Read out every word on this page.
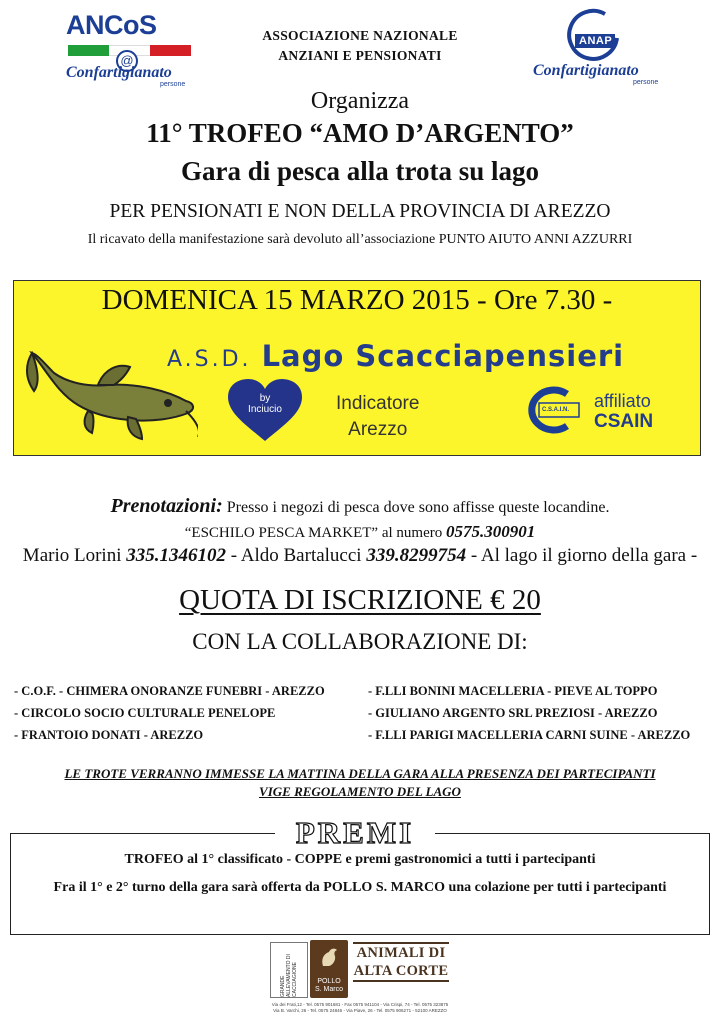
ANCoS
@
Confartigianato
persone
ASSOCIAZIONE NAZIONALE
ANZIANI E PENSIONATI
ANAP
Confartigianato
persone
Organizza
11° TROFEO “AMO D’ARGENTO”
Gara di pesca alla trota su lago
PER PENSIONATI E NON DELLA PROVINCIA DI AREZZO
Il ricavato della manifestazione sarà devoluto all’associazione PUNTO AIUTO ANNI AZZURRI
DOMENICA 15 MARZO 2015 - Ore 7.30 -
A.S.D. Lago Scacciapensieri
by
Inciucio	Indicatore
Arezzo
C.S.A.I.N. affiliato
CSAIN
Prenotazioni: Presso i negozi di pesca dove sono affisse queste locandine.
“ESCHILO PESCA MARKET” al numero 0575.300901
Mario Lorini 335.1346102 - Aldo Bartalucci 339.8299754 - Al lago il giorno della gara -
QUOTA DI ISCRIZIONE € 20
CON LA COLLABORAZIONE DI:
- C.O.F. - CHIMERA ONORANZE FUNEBRI - AREZZO
- CIRCOLO SOCIO CULTURALE PENELOPE
- FRANTOIO DONATI - AREZZO
- F.LLI BONINI MACELLERIA - PIEVE AL TOPPO
- GIULIANO ARGENTO SRL PREZIOSI - AREZZO
- F.LLI PARIGI MACELLERIA CARNI SUINE - AREZZO
LE TROTE VERRANNO IMMESSE LA MATTINA DELLA GARA ALLA PRESENZA DEI PARTECIPANTI
VIGE REGOLAMENTO DEL LAGO
PREMI
TROFEO al 1° classificato - COPPE e premi gastronomici a tutti i partecipanti
Fra il 1° e 2° turno della gara sarà offerta da POLLO S. MARCO una colazione per tutti i partecipanti
GRANDE ALLEVAMENTO DI CACCIAGIONE	POLLO
S. Marco
ANIMALI DI
ALTA CORTE
Via dei Frati,12 - Tel. 0575 901681 - Fax 0575 941104 - Via Crispi, 74 - Tel. 0575 323875
Via B. Varchi, 26 - Tel. 0575 24846 - Via Piave, 26 - Tel. 0575 906271 - 52100 AREZZO
